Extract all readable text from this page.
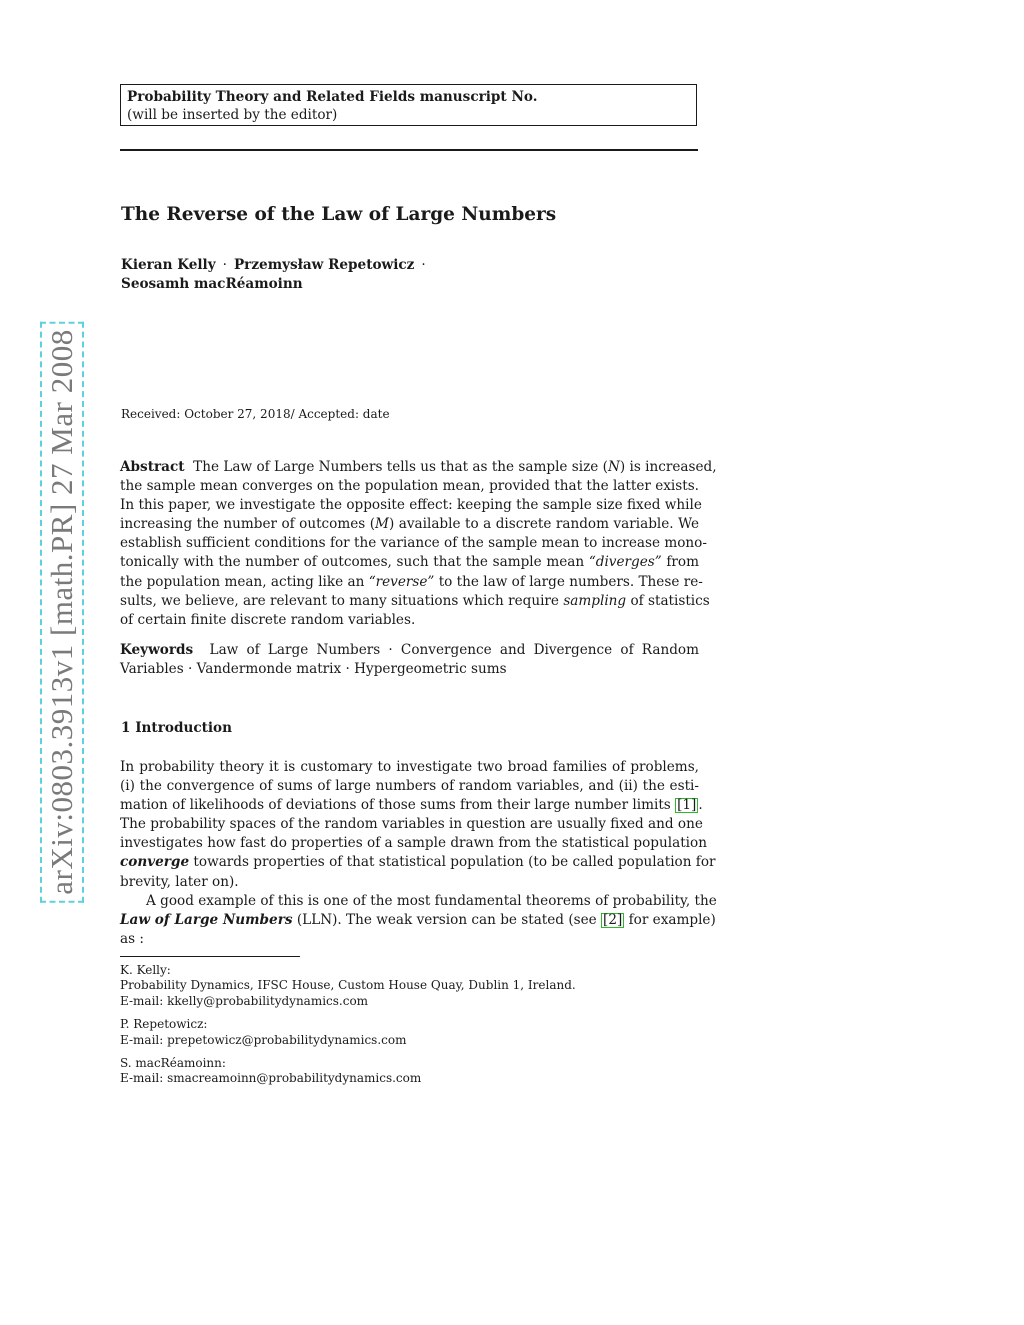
arXiv:0803.3913v1 [math.PR] 27 Mar 2008
Probability Theory and Related Fields manuscript No.
(will be inserted by the editor)
The Reverse of the Law of Large Numbers
Kieran Kelly · Przemysław Repetowicz ·
Seosamh macRéamoinn
Received: October 27, 2018/ Accepted: date
Abstract The Law of Large Numbers tells us that as the sample size (N) is increased,
the sample mean converges on the population mean, provided that the latter exists.
In this paper, we investigate the opposite effect: keeping the sample size fixed while
increasing the number of outcomes (M) available to a discrete random variable. We
establish sufficient conditions for the variance of the sample mean to increase mono-
tonically with the number of outcomes, such that the sample mean “diverges” from
the population mean, acting like an “reverse” to the law of large numbers. These re-
sults, we believe, are relevant to many situations which require sampling of statistics
of certain finite discrete random variables.
Keywords Law of Large Numbers · Convergence and Divergence of Random
Variables · Vandermonde matrix · Hypergeometric sums
1 Introduction
In probability theory it is customary to investigate two broad families of problems,
(i) the convergence of sums of large numbers of random variables, and (ii) the esti-
mation of likelihoods of deviations of those sums from their large number limits [1] .
The probability spaces of the random variables in question are usually fixed and one
investigates how fast do properties of a sample drawn from the statistical population
converge towards properties of that statistical population (to be called population for
brevity, later on).
A good example of this is one of the most fundamental theorems of probability, the
Law of Large Numbers (LLN). The weak version can be stated (see [2] for example)
as :
K. Kelly:
Probability Dynamics, IFSC House, Custom House Quay, Dublin 1, Ireland.
E-mail: kkelly@probabilitydynamics.com
P. Repetowicz:
E-mail: prepetowicz@probabilitydynamics.com
S. macRéamoinn:
E-mail: smacreamoinn@probabilitydynamics.com
